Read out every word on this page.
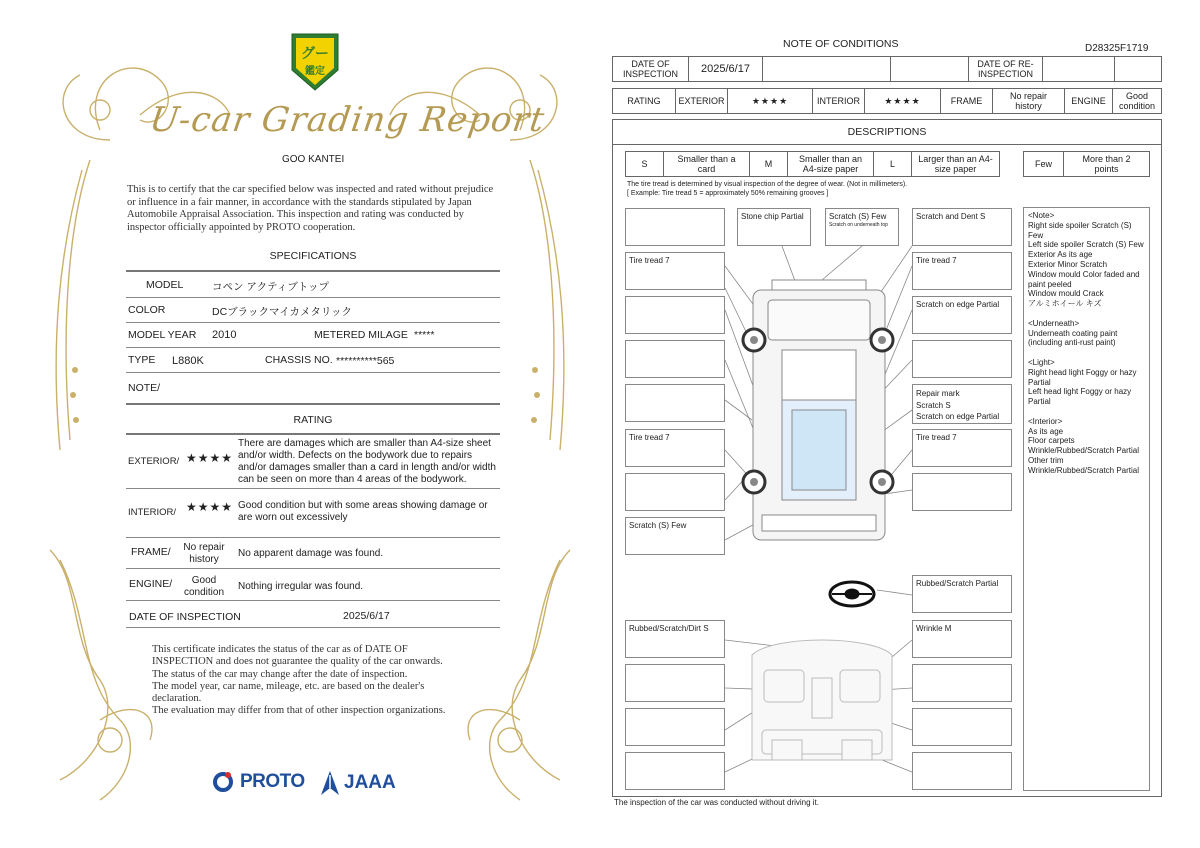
グー
鑑定
U-car Grading Report
GOO KANTEI
This is to certify that the car specified below was inspected and rated without prejudice or influence in a fair manner, in accordance with the standards stipulated by Japan Automobile Appraisal Association. This inspection and rating was conducted by inspector officially appointed by PROTO cooperation.
SPECIFICATIONS
MODEL	コペン アクティブトップ
COLOR	DCブラックマイカメタリック
MODEL YEAR 2010	METERED MILAGE *****
TYPE L880K	CHASSIS NO. **********565
NOTE/
RATING
EXTERIOR/ ★★★★
There are damages which are smaller than A4-size sheet and/or width. Defects on the bodywork due to repairs and/or damages smaller than a card in length and/or width can be seen on more than 4 areas of the bodywork.
INTERIOR/ ★★★★ Good condition but with some areas showing damage or are worn out excessively
FRAME/	No repair history
No apparent damage was found.
ENGINE/	Good condition
Nothing irregular was found.
DATE OF INSPECTION	2025/6/17
This certificate indicates the status of the car as of DATE OF
INSPECTION and does not guarantee the quality of the car onwards.
The status of the car may change after the date of inspection.
The model year, car name, mileage, etc. are based on the dealer's
declaration.
The evaluation may differ from that of other inspection organizations.
PROTO JAAA
NOTE OF CONDITIONS	D28325F1719
DATE OF INSPECTION	2025/6/17	DATE OF RE-INSPECTION
RATING	EXTERIOR	★★★★	INTERIOR	★★★★	FRAME	No repair history	ENGINE	Good condition
DESCRIPTIONS
S	Smaller than a card	M	Smaller than an A4-size paper	L	Larger than an A4-size paper	Few	More than 2 points
The tire tread is determined by visual inspection of the degree of wear. (Not in millimeters).
[ Example: Tire tread 5 = approximately 50% remaining grooves ]
Tire tread 7
Tire tread 7
Scratch (S) Few
Stone chip Partial	Scratch (S) Few
Scratch on underneath top
Scratch and Dent S
Tire tread 7
Scratch on edge Partial
Repair mark
Scratch S
Scratch on edge Partial
Tire tread 7
Rubbed/Scratch Partial
Rubbed/Scratch/Dirt S	Wrinkle M
<Note>
Right side spoiler Scratch (S) Few
Left side spoiler Scratch (S) Few
Exterior As its age
Exterior Minor Scratch
Window mould Color faded and paint peeled
Window mould Crack
アルミホイール キズ
<Underneath>
Underneath coating paint (including anti-rust paint)
<Light>
Right head light Foggy or hazy Partial
Left head light Foggy or hazy Partial
<Interior>
As its age
Floor carpets Wrinkle/Rubbed/Scratch Partial
Other trim Wrinkle/Rubbed/Scratch Partial
The inspection of the car was conducted without driving it.
